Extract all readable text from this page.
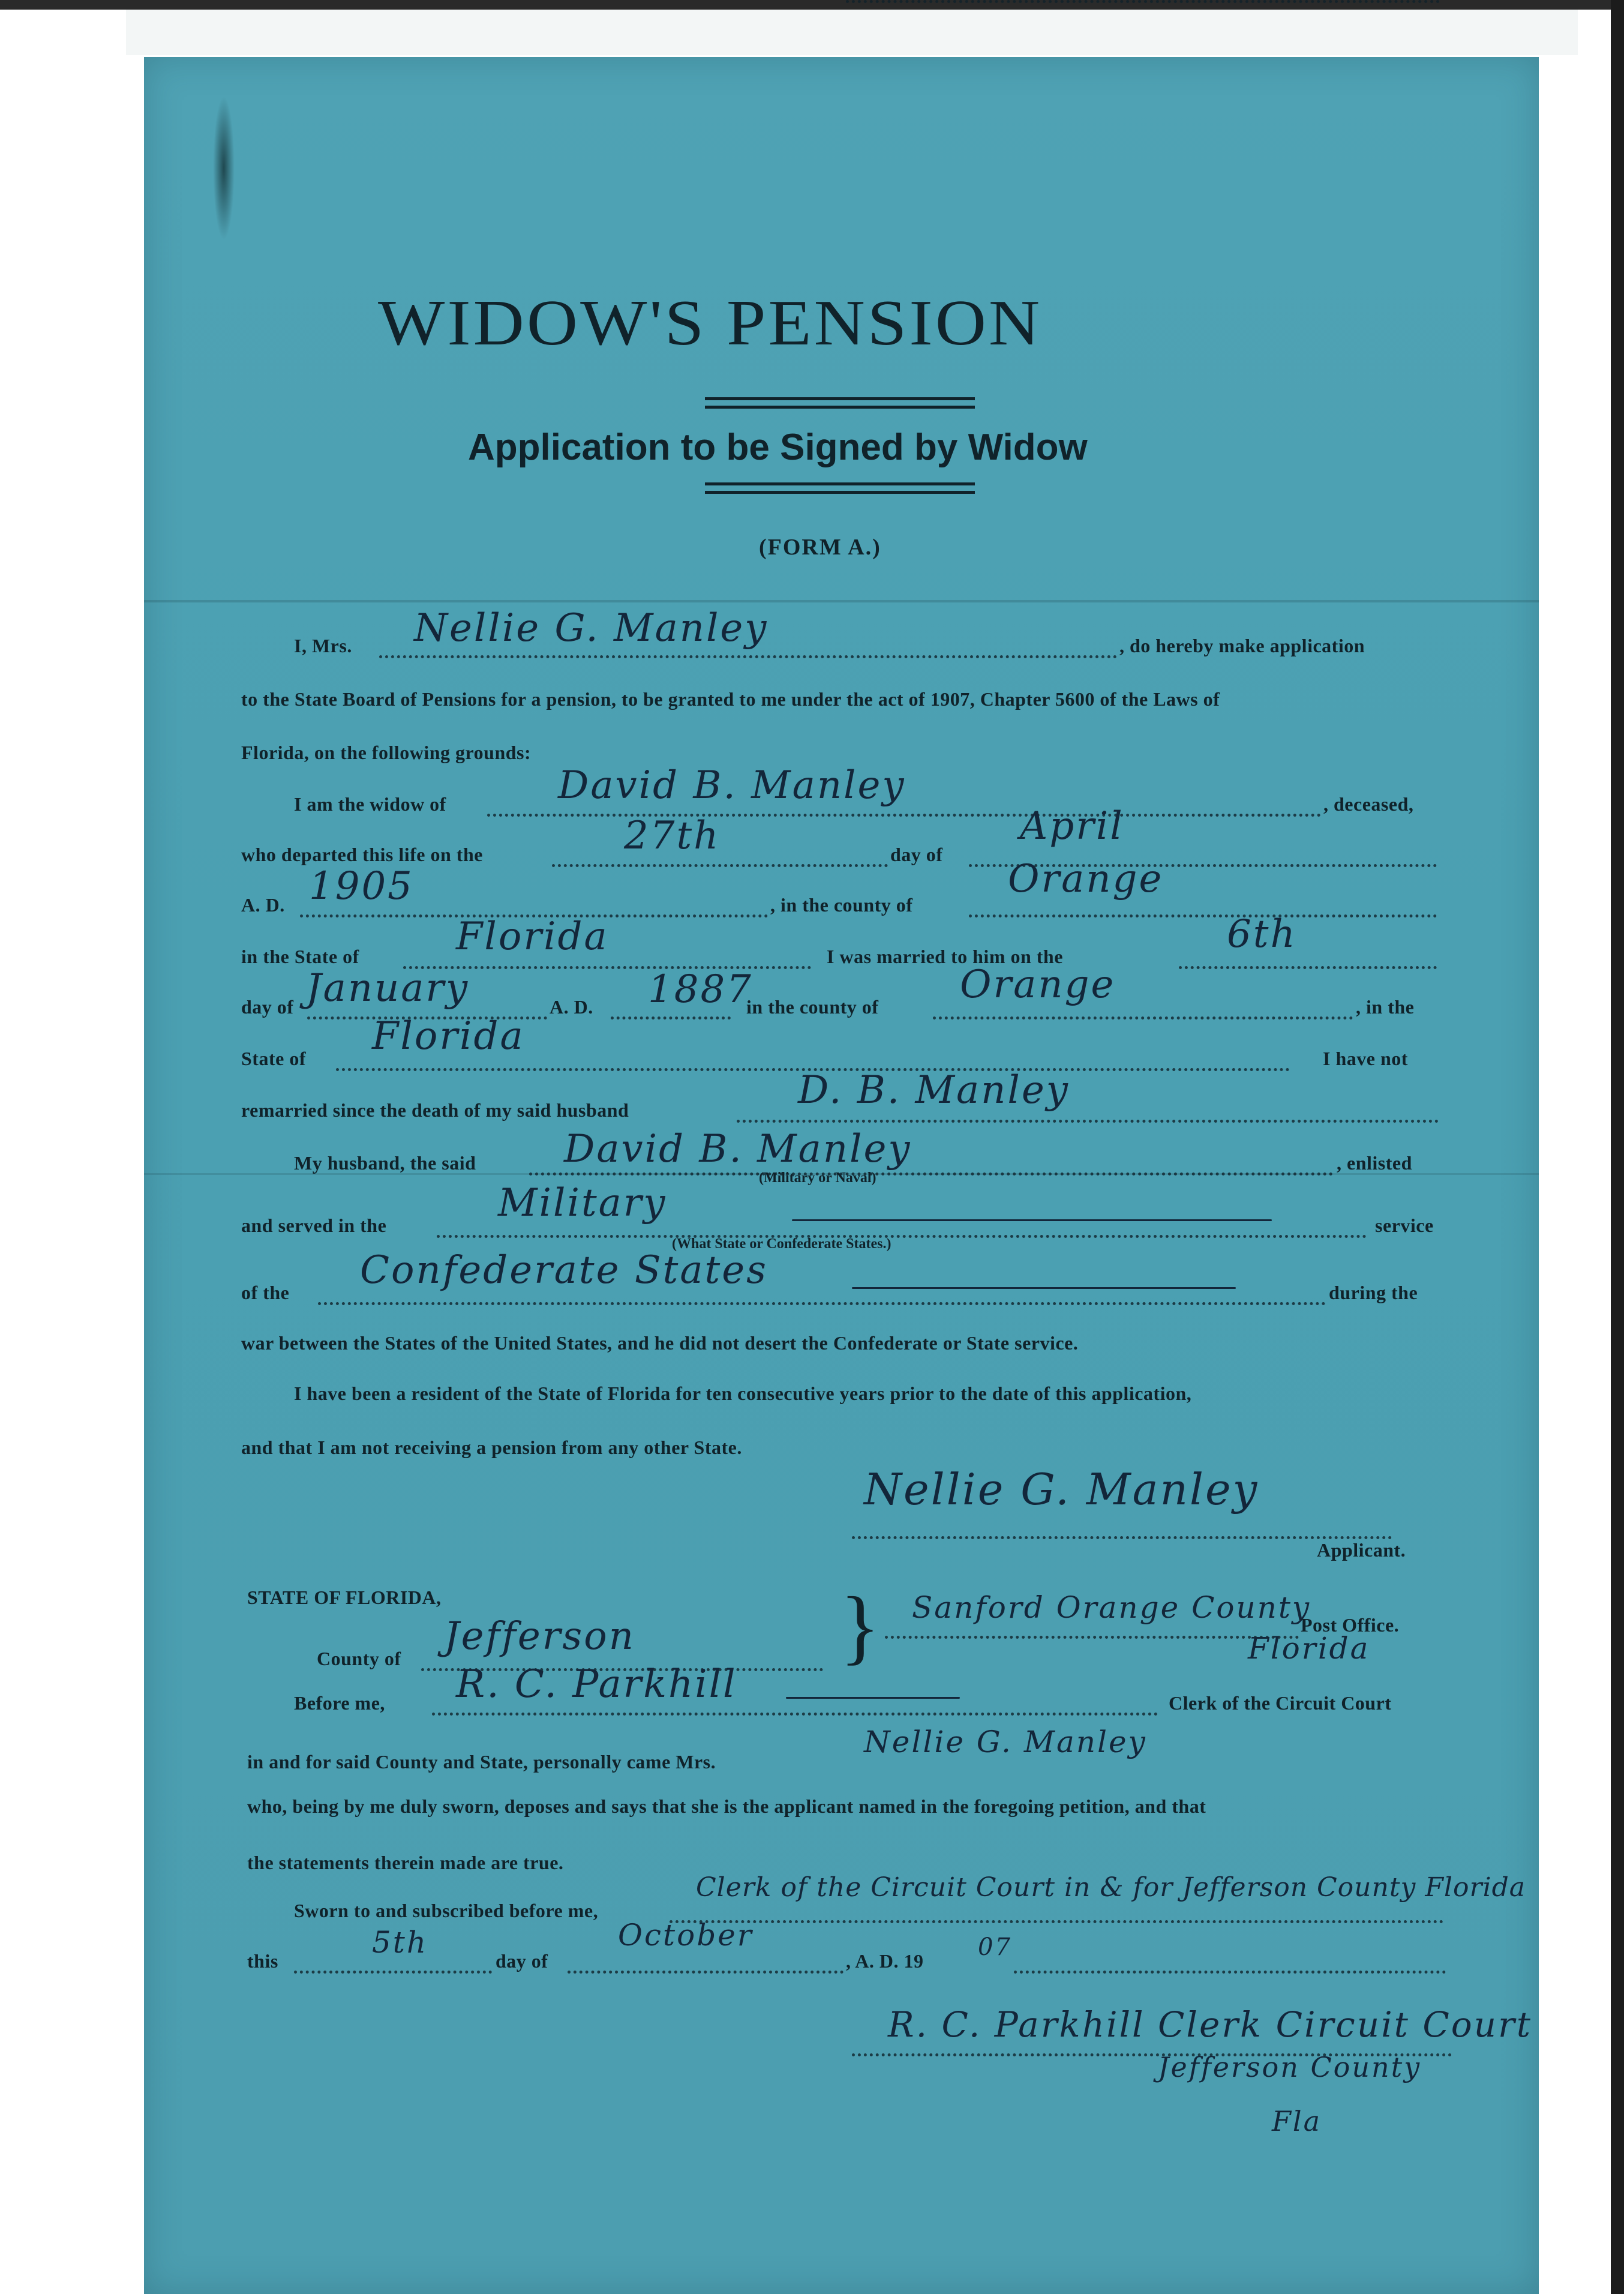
WIDOW'S PENSION
Application to be Signed by Widow
(FORM A.)
I, Mrs. Nellie G. Manley	, do hereby make application
to the State Board of Pensions for a pension, to be granted to me under the act of 1907, Chapter 5600 of the Laws of
Florida, on the following grounds:
I am the widow of	David B. Manley	, deceased,
who departed this life on the	27th	day of
April
A. D. 1905	, in the county of
Orange
in the State of	Florida	I was married to him on the	6th
day of January	A. D. 1887
in the county of Orange	, in the
State of Florida	I have not
remarried since the death of my said husband	D. B. Manley
My husband, the said David B. Manley	, enlisted
(Military or Naval)
and served in the	Military	service
(What State or Confederate States.)
of the Confederate States	during the
war between the States of the United States, and he did not desert the Confederate or State service.
I have been a resident of the State of Florida for ten consecutive years prior to the date of this application,
and that I am not receiving a pension from any other State.
Nellie G. Manley
Applicant.
STATE OF FLORIDA,
County of Jefferson } Sanford Orange County
Florida
Post Office.
Before me, R. C. Parkhill	Clerk of the Circuit Court
in and for said County and State, personally came Mrs.
Nellie G. Manley
who, being by me duly sworn, deposes and says that she is the applicant named in the foregoing petition, and that
the statements therein made are true.
Sworn to and subscribed before me,
Clerk of the Circuit Court in & for Jefferson County Florida
this
5th
day of
October
, A. D. 19 07
R. C. Parkhill Clerk Circuit Court
Jefferson County
Fla
